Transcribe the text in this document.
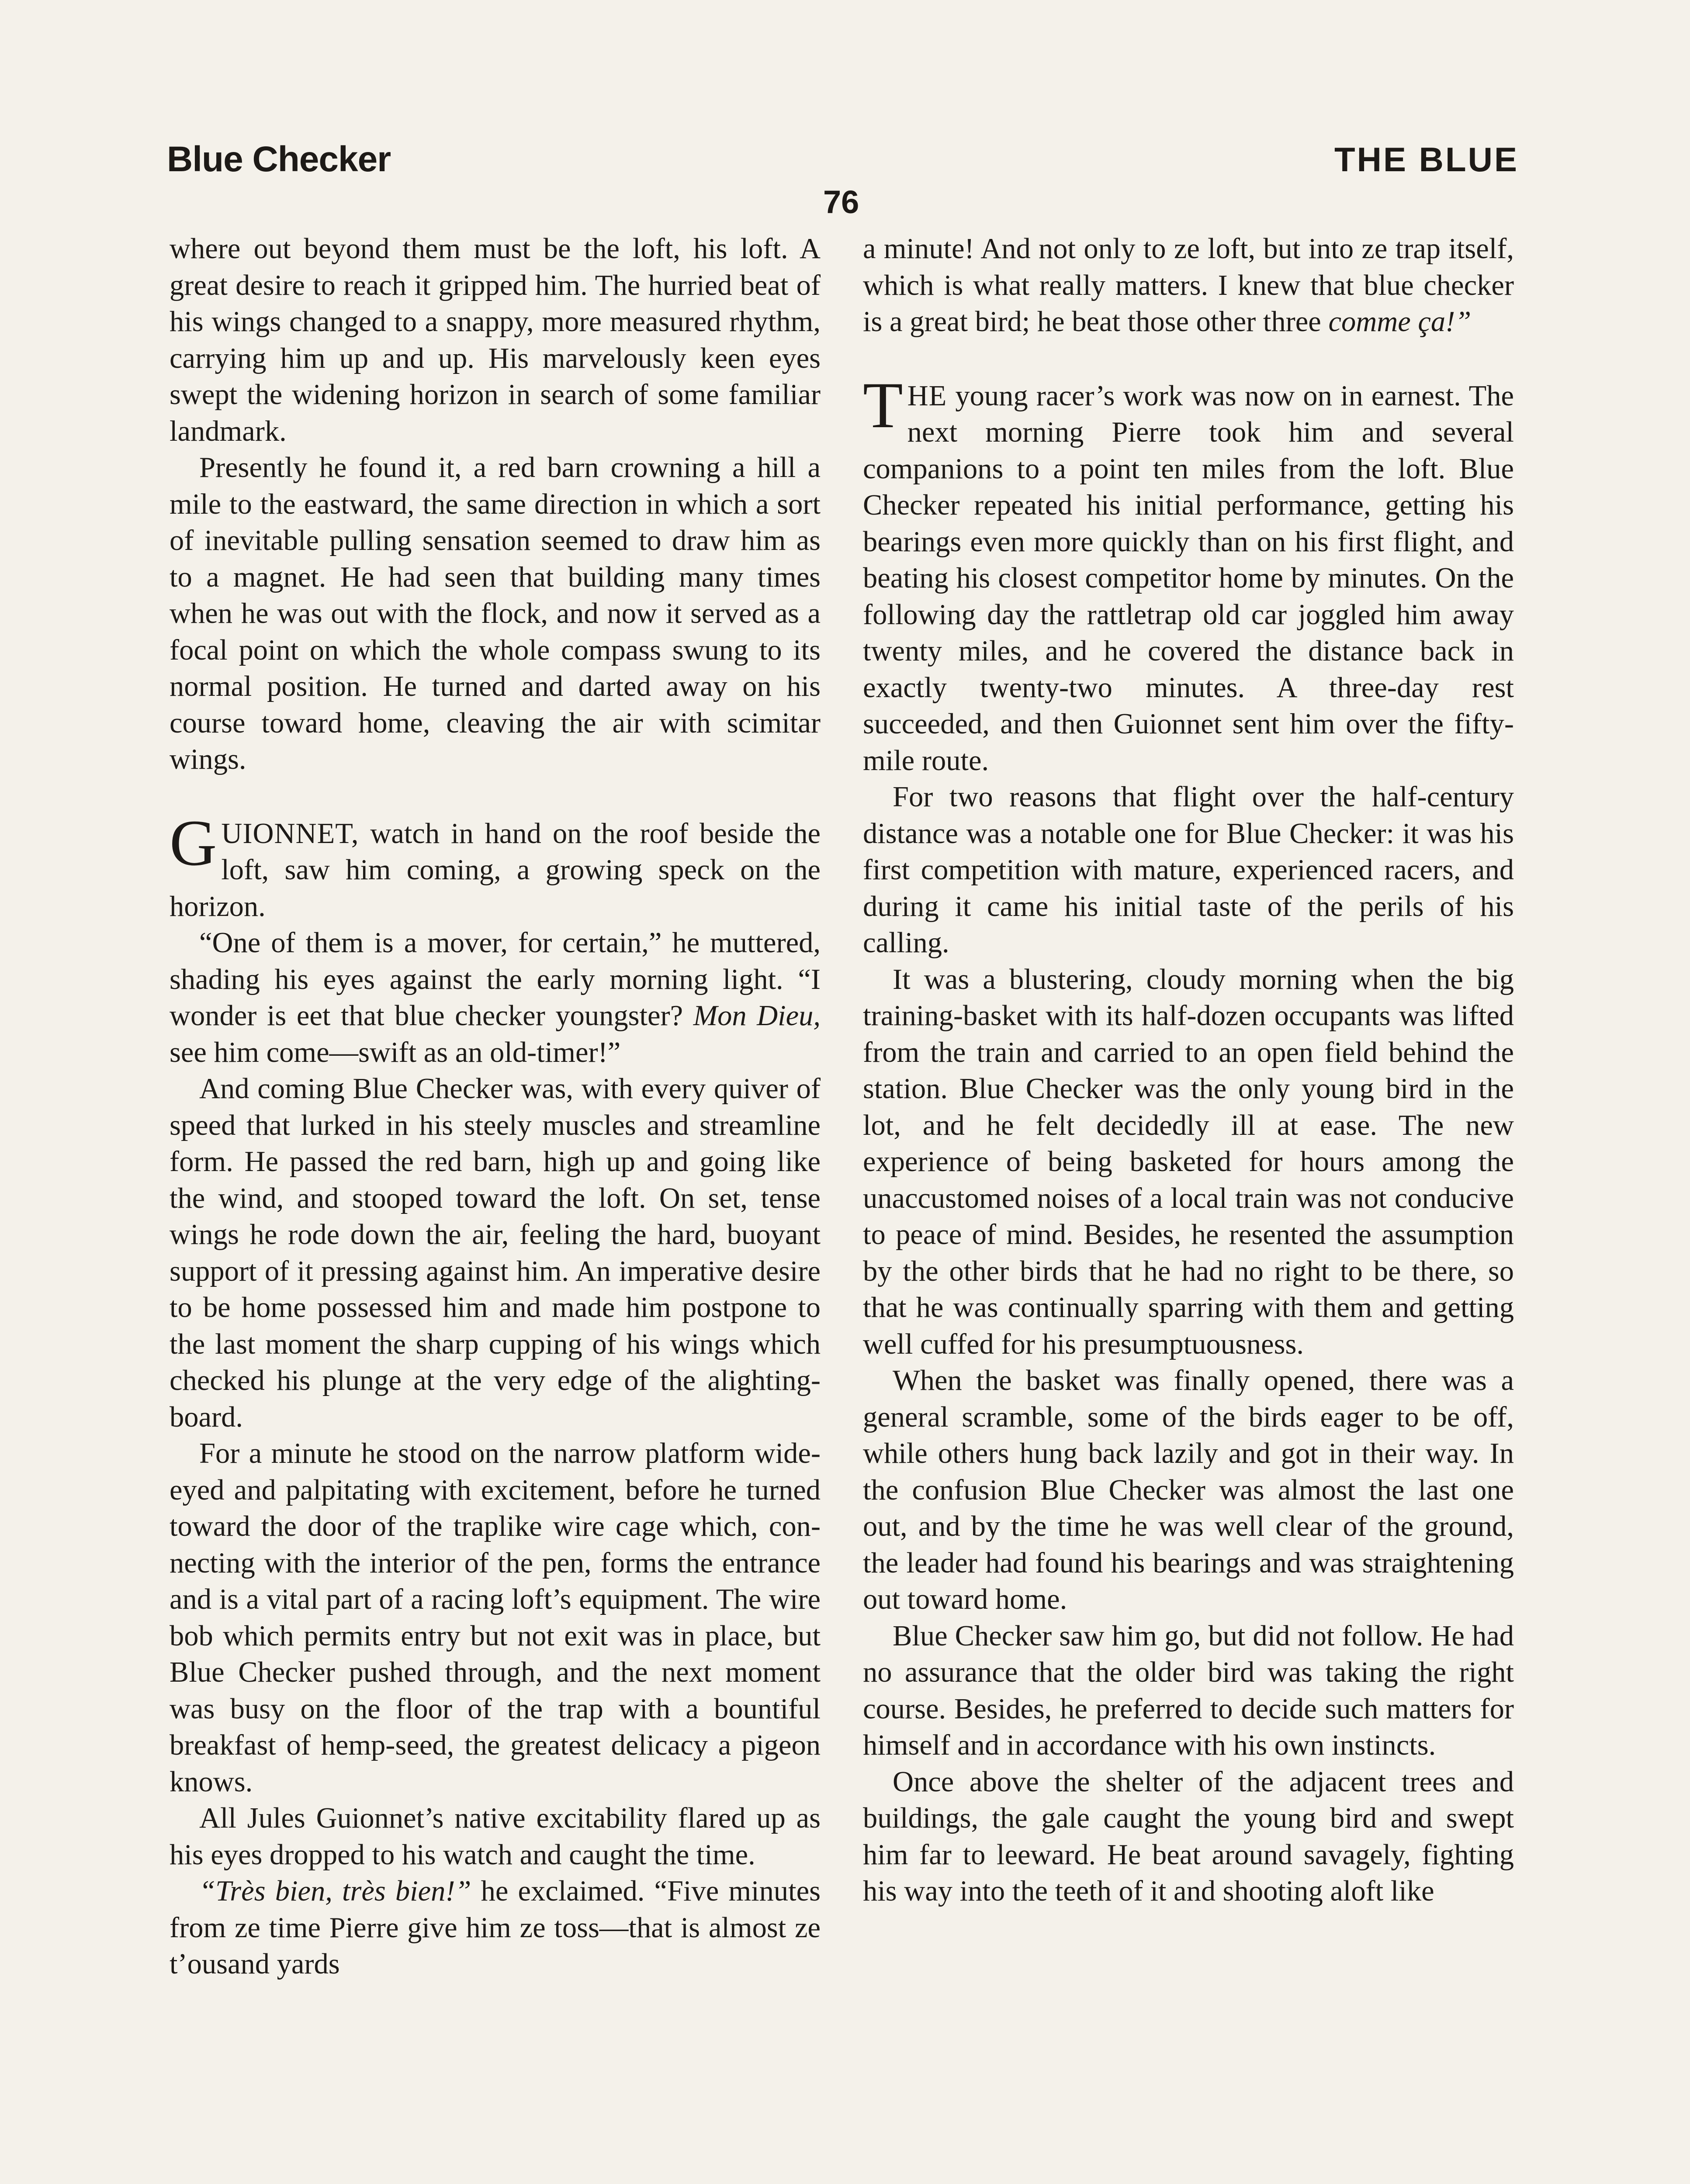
Blue Checker	THE BLUE
76

where out beyond them must be the loft, his loft. A great desire to reach it gripped him. The hurried beat of his wings changed to a snappy, more measured rhythm, carrying him up and up. His marvelously keen eyes swept the widening horizon in search of some familiar landmark.

Presently he found it, a red barn crowning a hill a mile to the eastward, the same direction in which a sort of inevitable pulling sensation seemed to draw him as to a magnet. He had seen that building many times when he was out with the flock, and now it served as a focal point on which the whole compass swung to its normal position. He turned and darted away on his course toward home, cleaving the air with scimitar wings.

GUIONNET, watch in hand on the roof beside the loft, saw him coming, a growing speck on the horizon.

“One of them is a mover, for certain,” he muttered, shading his eyes against the early morning light. “I wonder is eet that blue checker youngster? Mon Dieu, see him come—swift as an old-timer!”

And coming Blue Checker was, with every quiver of speed that lurked in his steely muscles and streamline form. He passed the red barn, high up and going like the wind, and stooped toward the loft. On set, tense wings he rode down the air, feeling the hard, buoyant support of it pressing against him. An imperative desire to be home possessed him and made him postpone to the last moment the sharp cupping of his wings which checked his plunge at the very edge of the alighting-board.

For a minute he stood on the narrow platform wide-eyed and palpitating with excitement, before he turned toward the door of the traplike wire cage which, connecting with the interior of the pen, forms the entrance and is a vital part of a racing loft’s equipment. The wire bob which permits entry but not exit was in place, but Blue Checker pushed through, and the next moment was busy on the floor of the trap with a bountiful breakfast of hemp-seed, the greatest delicacy a pigeon knows.

All Jules Guionnet’s native excitability flared up as his eyes dropped to his watch and caught the time.

“Très bien, très bien!” he exclaimed. “Five minutes from ze time Pierre give him ze toss—that is almost ze t’ousand yards

a minute! And not only to ze loft, but into ze trap itself, which is what really matters. I knew that blue checker is a great bird; he beat those other three comme ça!”

THE young racer’s work was now on in earnest. The next morning Pierre took him and several companions to a point ten miles from the loft. Blue Checker repeated his initial performance, getting his bearings even more quickly than on his first flight, and beating his closest competitor home by minutes. On the following day the rattletrap old car joggled him away twenty miles, and he covered the distance back in exactly twenty-two minutes. A three-day rest succeeded, and then Guionnet sent him over the fifty-mile route.

For two reasons that flight over the half-century distance was a notable one for Blue Checker: it was his first competition with mature, experienced racers, and during it came his initial taste of the perils of his calling.

It was a blustering, cloudy morning when the big training-basket with its half-dozen occupants was lifted from the train and carried to an open field behind the station. Blue Checker was the only young bird in the lot, and he felt decidedly ill at ease. The new experience of being basketed for hours among the unaccustomed noises of a local train was not conducive to peace of mind. Besides, he resented the assumption by the other birds that he had no right to be there, so that he was continually sparring with them and getting well cuffed for his presumptuousness.

When the basket was finally opened, there was a general scramble, some of the birds eager to be off, while others hung back lazily and got in their way. In the confusion Blue Checker was almost the last one out, and by the time he was well clear of the ground, the leader had found his bearings and was straightening out toward home.

Blue Checker saw him go, but did not follow. He had no assurance that the older bird was taking the right course. Besides, he preferred to decide such matters for himself and in accordance with his own instincts.

Once above the shelter of the adjacent trees and buildings, the gale caught the young bird and swept him far to leeward. He beat around savagely, fighting his way into the teeth of it and shooting aloft like
